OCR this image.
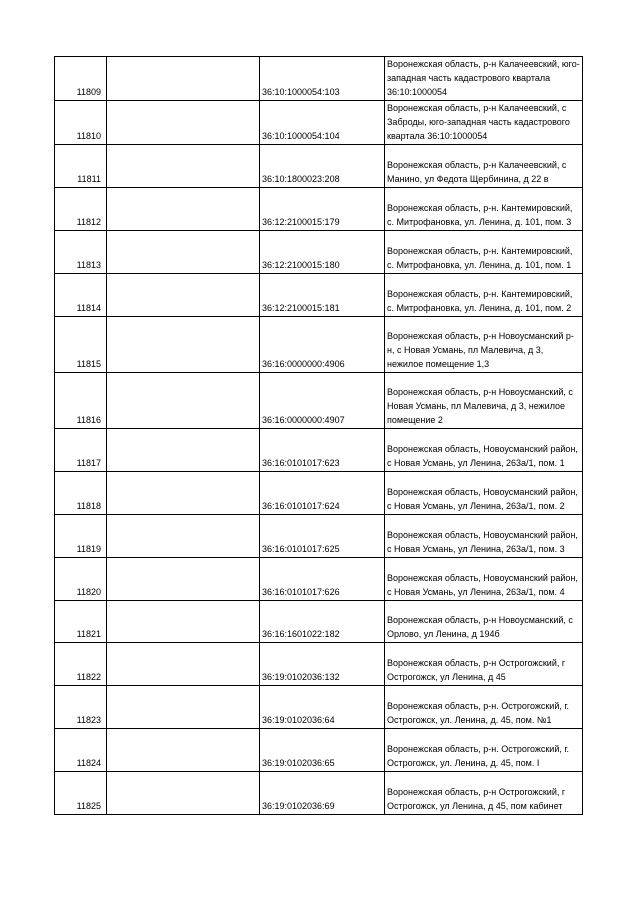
11809		36:10:1000054:103	Воронежская область, р-н Калачеевский, юго-западная часть кадастрового квартала 36:10:1000054
11810		36:10:1000054:104	Воронежская область, р-н Калачеевский, с Заброды, юго-западная часть кадастрового квартала 36:10:1000054
11811		36:10:1800023:208	Воронежская область, р-н Калачеевский, с Манино, ул Федота Щербинина, д 22 в
11812		36:12:2100015:179	Воронежская область, р-н. Кантемировский, с. Митрофановка, ул. Ленина, д. 101, пом. 3
11813		36:12:2100015:180	Воронежская область, р-н. Кантемировский, с. Митрофановка, ул. Ленина, д. 101, пом. 1
11814		36:12:2100015:181	Воронежская область, р-н. Кантемировский, с. Митрофановка, ул. Ленина, д. 101, пом. 2
11815		36:16:0000000:4906	Воронежская область, р-н Новоусманский р-н, с Новая Усмань, пл Малевича, д 3, нежилое помещение 1,3
11816		36:16:0000000:4907	Воронежская область, р-н Новоусманский, с Новая Усмань, пл Малевича, д 3, нежилое помещение 2
11817		36:16:0101017:623	Воронежская область, Новоусманский район, с Новая Усмань, ул Ленина, 263а/1, пом. 1
11818		36:16:0101017:624	Воронежская область, Новоусманский район, с Новая Усмань, ул Ленина, 263а/1, пом. 2
11819		36:16:0101017:625	Воронежская область, Новоусманский район, с Новая Усмань, ул Ленина, 263а/1, пом. 3
11820		36:16:0101017:626	Воронежская область, Новоусманский район, с Новая Усмань, ул Ленина, 263а/1, пом. 4
11821		36:16:1601022:182	Воронежская область, р-н Новоусманский, с Орлово, ул Ленина, д 194б
11822		36:19:0102036:132	Воронежская область, р-н Острогожский, г Острогожск, ул Ленина, д 45
11823		36:19:0102036:64	Воронежская область, р-н. Острогожский, г. Острогожск, ул. Ленина, д. 45, пом. №1
11824		36:19:0102036:65	Воронежская область, р-н. Острогожский, г. Острогожск, ул. Ленина, д. 45, пом. I
11825		36:19:0102036:69	Воронежская область, р-н Острогожский, г Острогожск, ул Ленина, д 45, пом кабинет
